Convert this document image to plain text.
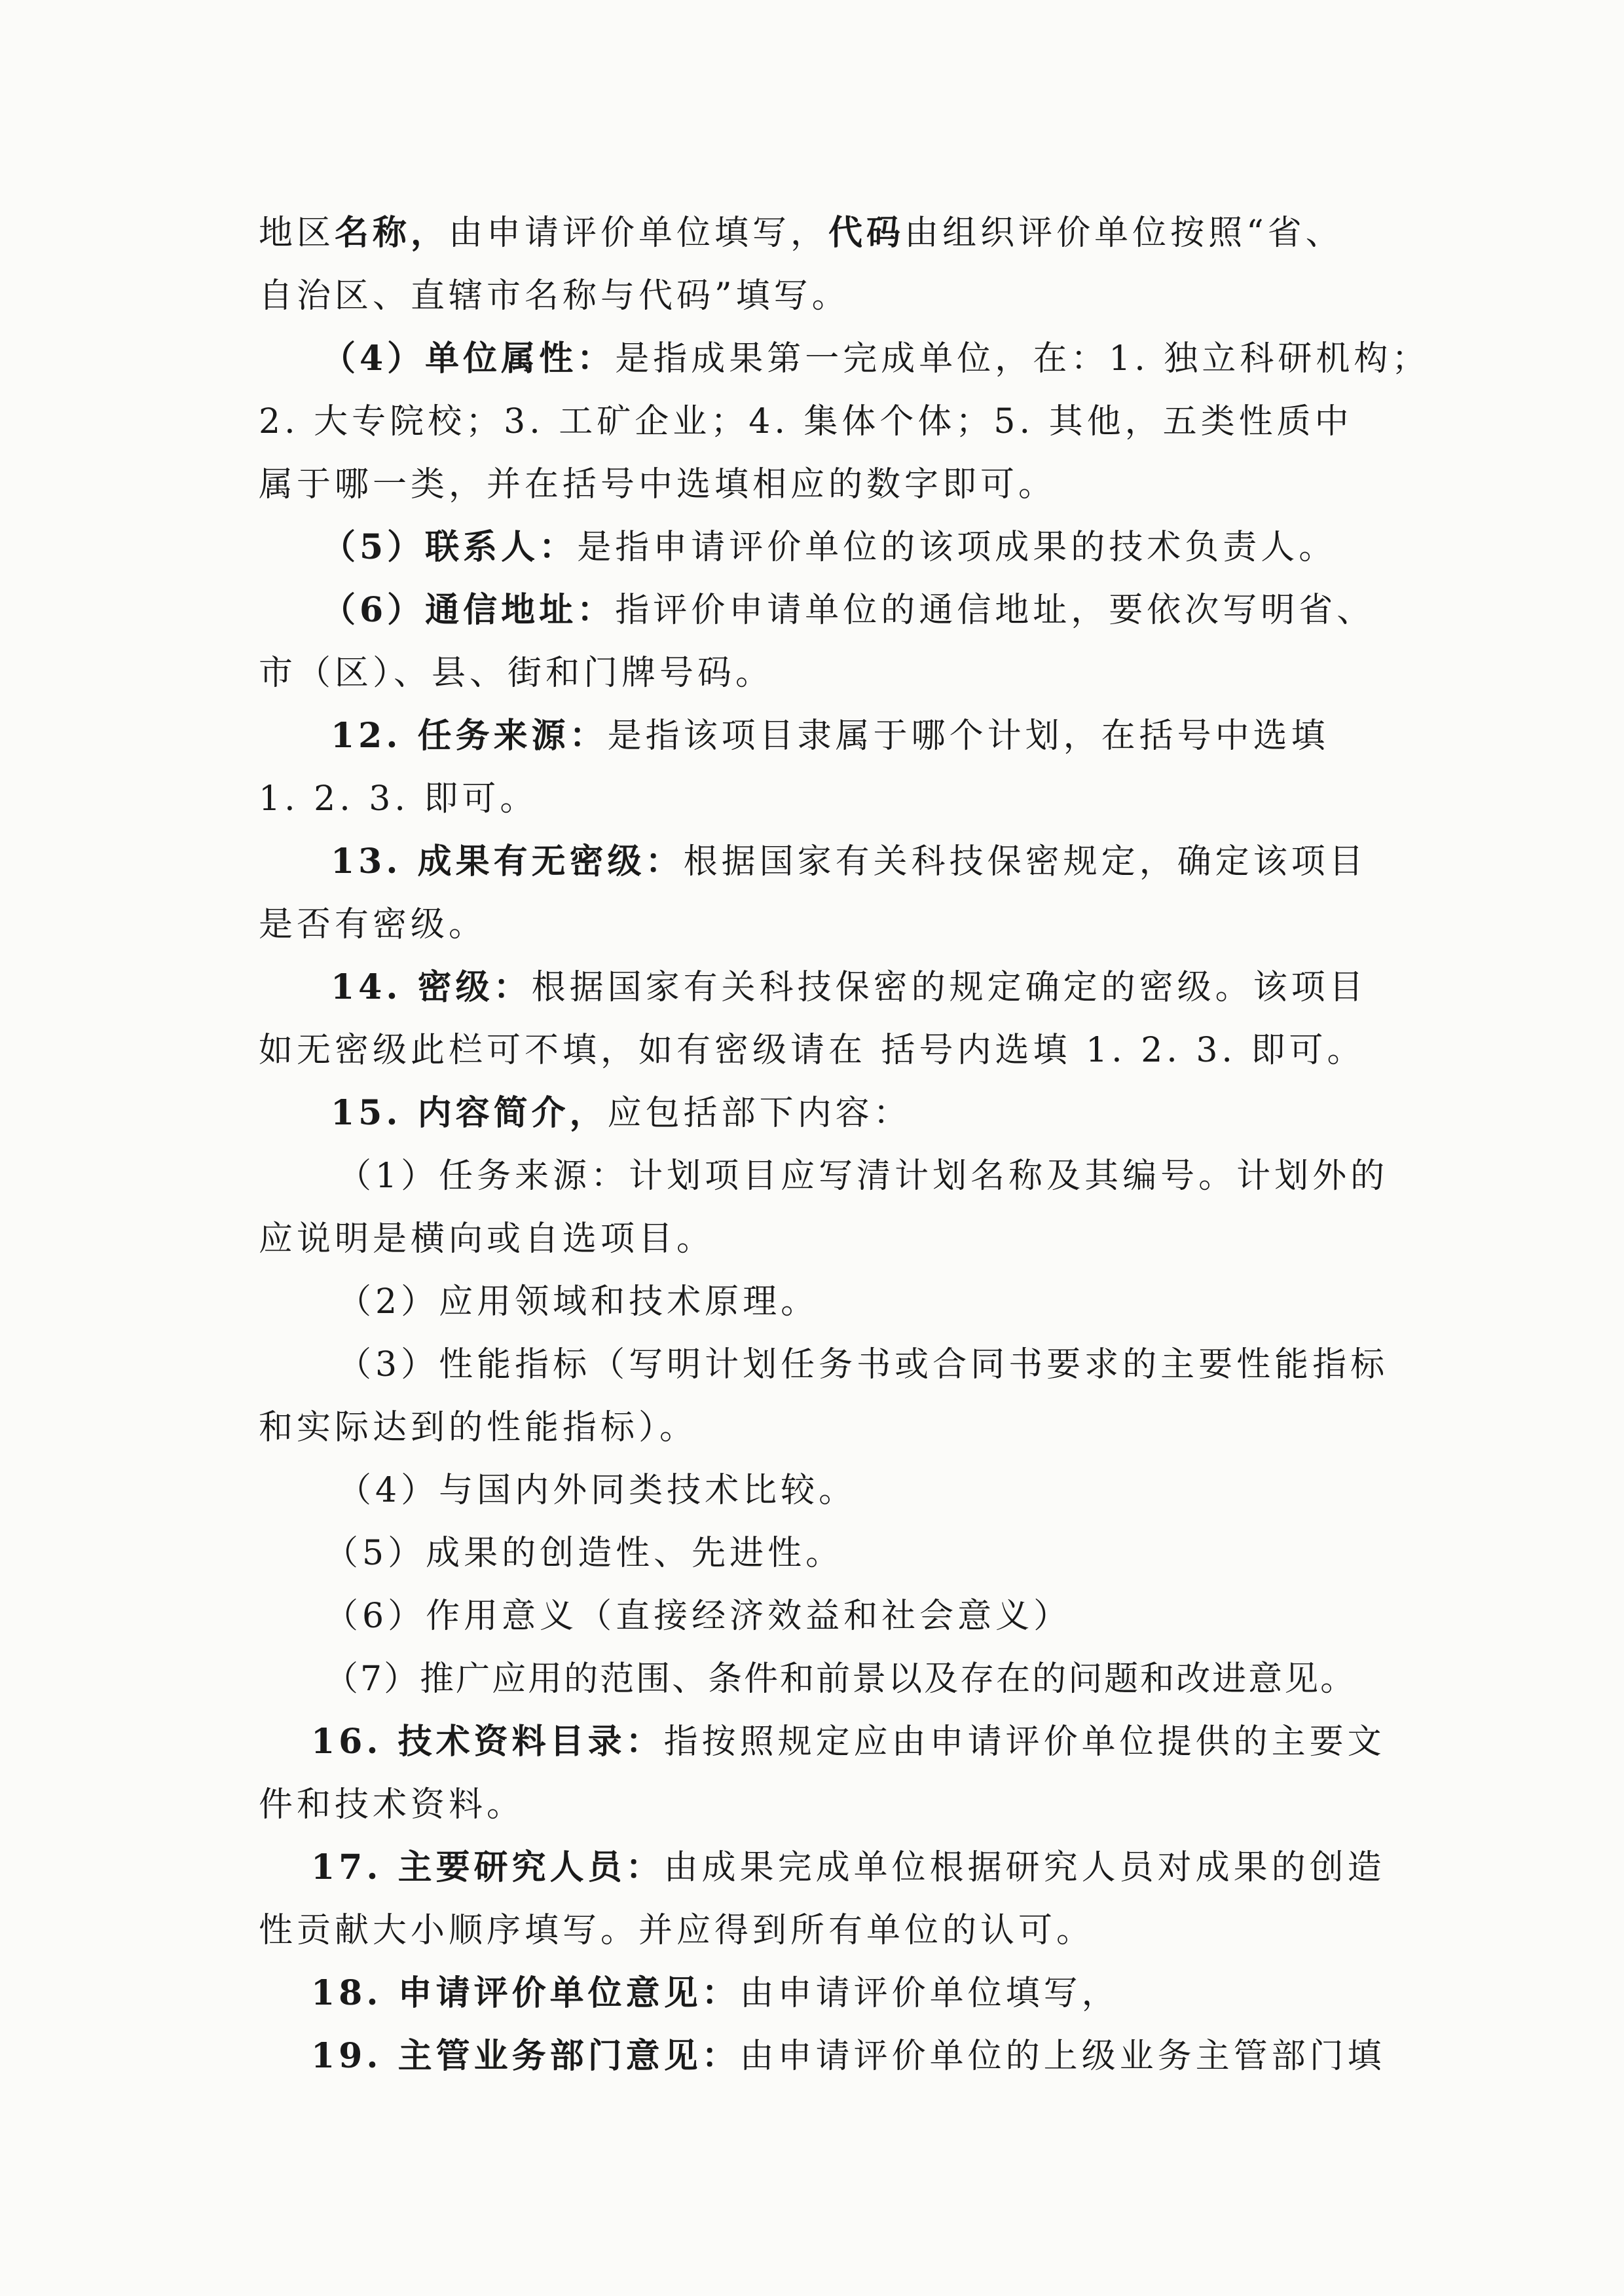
地区名称，由申请评价单位填写，代码由组织评价单位按照“省、
自治区、直辖市名称与代码”填写。
（4）单位属性：是指成果第一完成单位，在：1. 独立科研机构；
2. 大专院校；3. 工矿企业；4. 集体个体；5. 其他，五类性质中
属于哪一类，并在括号中选填相应的数字即可。
（5）联系人：是指申请评价单位的该项成果的技术负责人。
（6）通信地址：指评价申请单位的通信地址，要依次写明省、
市（区）、县、街和门牌号码。
12. 任务来源：是指该项目隶属于哪个计划，在括号中选填
1. 2. 3. 即可。
13. 成果有无密级：根据国家有关科技保密规定，确定该项目
是否有密级。
14. 密级：根据国家有关科技保密的规定确定的密级。该项目
如无密级此栏可不填，如有密级请在 括号内选填 1. 2. 3. 即可。
15. 内容简介，应包括部下内容：
（1）任务来源：计划项目应写清计划名称及其编号。计划外的
应说明是横向或自选项目。
（2）应用领域和技术原理。
（3）性能指标（写明计划任务书或合同书要求的主要性能指标
和实际达到的性能指标）。
（4）与国内外同类技术比较。
（5）成果的创造性、先进性。
（6）作用意义（直接经济效益和社会意义）
（7）推广应用的范围、条件和前景以及存在的问题和改进意见。
16. 技术资料目录：指按照规定应由申请评价单位提供的主要文
件和技术资料。
17. 主要研究人员：由成果完成单位根据研究人员对成果的创造
性贡献大小顺序填写。并应得到所有单位的认可。
18. 申请评价单位意见：由申请评价单位填写，
19. 主管业务部门意见：由申请评价单位的上级业务主管部门填
